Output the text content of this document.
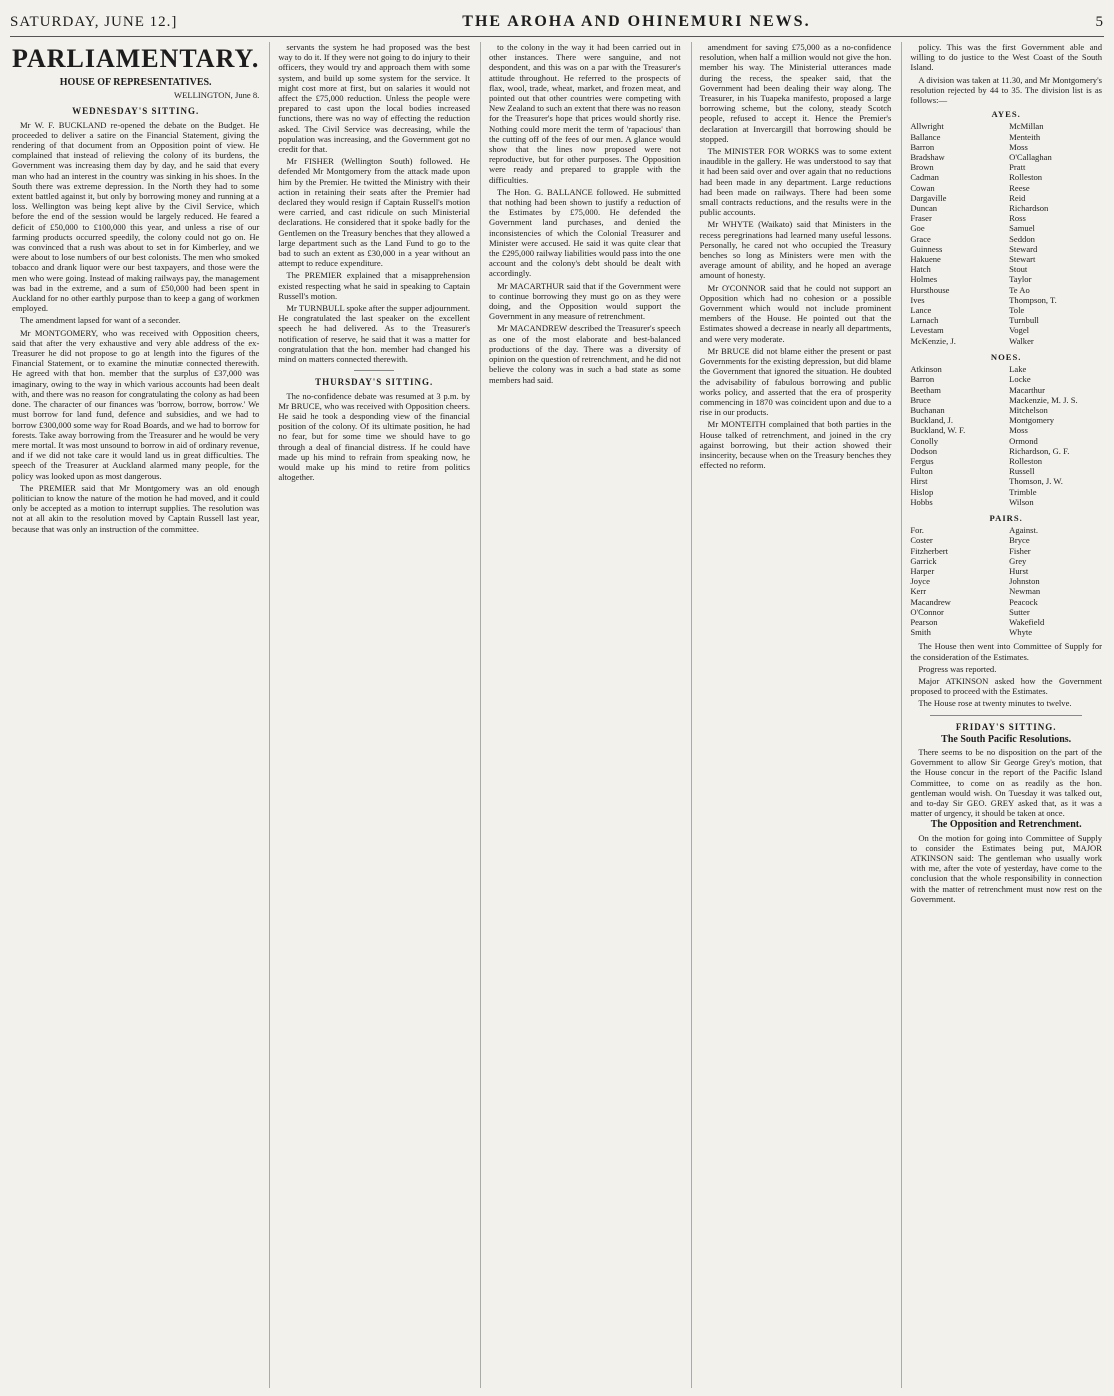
SATURDAY, JUNE 12.]	THE AROHA AND OHINEMURI NEWS.	5
PARLIAMENTARY.
HOUSE OF REPRESENTATIVES.
WELLINGTON, June 8.
WEDNESDAY'S SITTING.

Mr W. F. BUCKLAND re-opened the debate on the Budget. He proceeded to deliver a satire on the Financial Statement, giving the rendering of that document from an Opposition point of view. He complained that instead of relieving the colony of its burdens, the Government was increasing them day by day, and he said that every man who had an interest in the country was sinking in his shoes. In the South there was extreme depression. In the North they had to some extent battled against it, but only by borrowing money and running at a loss. Wellington was being kept alive by the Civil Service, which before the end of the session would be largely reduced. He feared a deficit of £50,000 to £100,000 this year, and unless a rise of our farming products occurred speedily, the colony could not go on. He was convinced that a rush was about to set in for Kimberley, and we were about to lose numbers of our best colonists. The men who smoked tobacco and drank liquor were our best taxpayers, and those were the men who were going. Instead of making railways pay, the management was bad in the extreme, and a sum of £50,000 had been spent in Auckland for no other earthly purpose than to keep a gang of workmen employed.

The amendment lapsed for want of a seconder.

Mr MONTGOMERY, who was received with Opposition cheers, said that after the very exhaustive and very able address of the ex-Treasurer he did not propose to go at length into the figures of the Financial Statement, or to examine the minutiæ connected therewith. He agreed with that hon. member that the surplus of £37,000 was imaginary, owing to the way in which various accounts had been dealt with, and there was no reason for congratulating the colony as had been done. The character of our finances was 'borrow, borrow, borrow.' We must borrow for land fund, defence and subsidies, and we had to borrow £300,000 some way for Road Boards, and we had to borrow for forests. Take away borrowing from the Treasurer and he would be very mere mortal. It was most unsound to borrow in aid of ordinary revenue, and if we did not take care it would land us in great difficulties. The speech of the Treasurer at Auckland alarmed many people, for the policy was looked upon as most dangerous.

The PREMIER said that Mr Montgomery was an old enough politician to know the nature of the motion he had moved, and it could only be accepted as a motion to interrupt supplies. The resolution was not at all akin to the resolution moved by Captain Russell last year, because that was only an instruction of the committee.

servants the system he had proposed was the best way to do it. If they were not going to do injury to their officers, they would try and approach them with some system, and build up some system for the service. It might cost more at first, but on salaries it would not affect the £75,000 reduction. Unless the people were prepared to cast upon the local bodies increased functions, there was no way of effecting the reduction asked. The Civil Service was decreasing, while the population was increasing, and the Government got no credit for that.

Mr FISHER (Wellington South) followed. He defended Mr Montgomery from the attack made upon him by the Premier. He twitted the Ministry with their action in retaining their seats after the Premier had declared they would resign if Captain Russell's motion were carried, and cast ridicule on such Ministerial declarations. He considered that it spoke badly for the Gentlemen on the Treasury benches that they allowed a large department such as the Land Fund to go to the bad to such an extent as £30,000 in a year without an attempt to reduce expenditure.

The PREMIER explained that a misapprehension existed respecting what he said in speaking to Captain Russell's motion.

Mr TURNBULL spoke after the supper adjournment. He congratulated the last speaker on the excellent speech he had delivered. As to the Treasurer's notification of reserve, he said that it was a matter for congratulation that the hon. member had changed his mind on matters connected therewith.

THURSDAY'S SITTING.

The no-confidence debate was resumed at 3 p.m. by Mr BRUCE, who was received with Opposition cheers. He said he took a desponding view of the financial position of the colony. Of its ultimate position, he had no fear, but for some time we should have to go through a deal of financial distress. If he could have made up his mind to refrain from speaking now, he would make up his mind to retire from politics altogether.

to the colony in the way it had been carried out in other instances. There were sanguine, and not despondent, and this was on a par with the Treasurer's attitude throughout. He referred to the prospects of flax, wool, trade, wheat, market, and frozen meat, and pointed out that other countries were competing with New Zealand to such an extent that there was no reason for the Treasurer's hope that prices would shortly rise. Nothing could more merit the term of 'rapacious' than the cutting off of the fees of our men. A glance would show that the lines now proposed were not reproductive, but for other purposes. The Opposition were ready and prepared to grapple with the difficulties.

The Hon. G. BALLANCE followed. He submitted that nothing had been shown to justify a reduction of the Estimates by £75,000. He defended the Government land purchases, and denied the inconsistencies of which the Colonial Treasurer and Minister were accused. He said it was quite clear that the £295,000 railway liabilities would pass into the one account and the colony's debt should be dealt with accordingly.

Mr MACARTHUR said that if the Government were to continue borrowing they must go on as they were doing, and the Opposition would support the Government in any measure of retrenchment.

Mr MACANDREW described the Treasurer's speech as one of the most elaborate and best-balanced productions of the day. There was a diversity of opinion on the question of retrenchment, and he did not believe the colony was in such a bad state as some members had said.

amendment for saving £75,000 as a no-confidence resolution, when half a million would not give the hon. member his way. The Ministerial utterances made during the recess, the speaker said, that the Government had been dealing their way along. The Treasurer, in his Tuapeka manifesto, proposed a large borrowing scheme, but the colony, steady Scotch people, refused to accept it. Hence the Premier's declaration at Invercargill that borrowing should be stopped.

The MINISTER FOR WORKS was to some extent inaudible in the gallery. He was understood to say that it had been said over and over again that no reductions had been made in any department. Large reductions had been made on railways. There had been some small contracts reductions, and the results were in the public accounts.

Mr WHYTE (Waikato) said that Ministers in the recess peregrinations had learned many useful lessons. Personally, he cared not who occupied the Treasury benches so long as Ministers were men with the average amount of ability, and he hoped an average amount of honesty.

Mr O'CONNOR said that he could not support an Opposition which had no cohesion or a possible Government which would not include prominent members of the House. He pointed out that the Estimates showed a decrease in nearly all departments, and were very moderate.

Mr BRUCE did not blame either the present or past Governments for the existing depression, but did blame the Government that ignored the situation. He doubted the advisability of fabulous borrowing and public works policy, and asserted that the era of prosperity commencing in 1870 was coincident upon and due to a rise in our products.

Mr MONTEITH complained that both parties in the House talked of retrenchment, and joined in the cry against borrowing, but their action showed their insincerity, because when on the Treasury benches they effected no reform.

policy. This was the first Government able and willing to do justice to the West Coast of the South Island.

A division was taken at 11.30, and Mr Montgomery's resolution rejected by 44 to 35. The division list is as follows:—

AYES.
Allwright
Ballance
Barron
Bradshaw
Brown
Cadman
Cowan
Dargaville
Duncan
Fraser
Goe
Grace
Guinness
Hakuene
Hatch
Holmes
Hursthouse
Ives
Lance
Larnach
Levestam
McKenzie, J.
McMillan
Menteith
Moss
O'Callaghan
Pratt
Rolleston
Reese
Reid
Richardson
Ross
Samuel
Seddon
Steward
Stewart
Stout
Taylor
Te Ao
Thompson, T.
Tole
Turnbull
Vogel
Walker
NOES.
Atkinson
Barron
Beetham
Bruce
Buchanan
Buckland, J.
Buckland, W. F.
Conolly
Dodson
Fergus
Fulton
Hirst
Hislop
Hobbs
Lake
Locke
Macarthur
Mackenzie, M. J. S.
Mitchelson
Montgomery
Moss
Ormond
Richardson, G. F.
Rolleston
Russell
Thomson, J. W.
Trimble
Wilson
PAIRS.
For.
Coster
Fitzherbert
Garrick
Harper
Joyce
Kerr
Macandrew
O'Connor
Pearson
Smith
Against.
Bryce
Fisher
Grey
Hurst
Johnston
Newman
Peacock
Sutter
Wakefield
Whyte

The House then went into Committee of Supply for the consideration of the Estimates.

Progress was reported.

Major ATKINSON asked how the Government proposed to proceed with the Estimates.

The House rose at twenty minutes to twelve.

FRIDAY'S SITTING.
The South Pacific Resolutions.

There seems to be no disposition on the part of the Government to allow Sir George Grey's motion, that the House concur in the report of the Pacific Island Committee, to come on as readily as the hon. gentleman would wish. On Tuesday it was talked out, and to-day Sir GEO. GREY asked that, as it was a matter of urgency, it should be taken at once.

The Opposition and Retrenchment.

On the motion for going into Committee of Supply to consider the Estimates being put, MAJOR ATKINSON said: The gentleman who usually work with me, after the vote of yesterday, have come to the conclusion that the whole responsibility in connection with the matter of retrenchment must now rest on the Government.
